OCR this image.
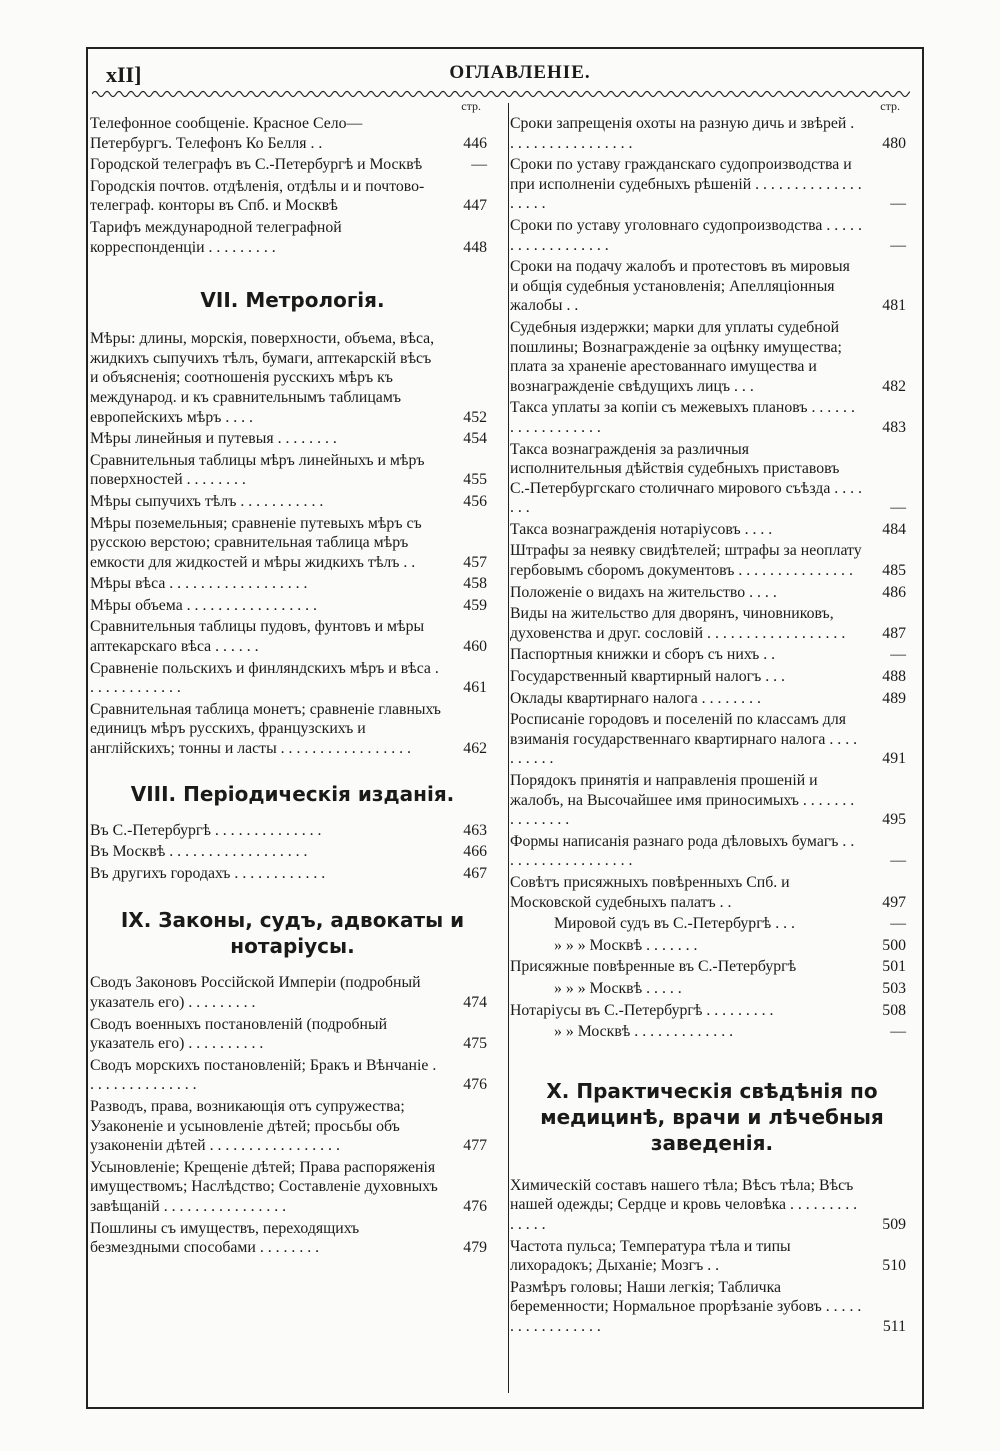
xII]	ОГЛАВЛЕНІЕ.
стр.
Телефонное сообщеніе. Красное Село—Петербургъ. Телефонъ Ко Белля . .	446
Городской телеграфъ въ С.-Петербургѣ и Москвѣ	—
Городскія почтов. отдѣленія, отдѣлы и и почтово-телеграф. конторы въ Спб. и Москвѣ	447
Тарифъ международной телеграфной корреспонденціи . . . . . . . . .	448
VII. Метрологія.
Мѣры: длины, морскія, поверхности, объема, вѣса, жидкихъ сыпучихъ тѣлъ, бумаги, аптекарскій вѣсъ и объясненія; соотношенія русскихъ мѣръ къ международ. и къ сравнительнымъ таблицамъ европейскихъ мѣръ . . . .	452
Мѣры линейныя и путевыя . . . . . . . .	454
Сравнительныя таблицы мѣръ линейныхъ и мѣръ поверхностей . . . . . . . .	455
Мѣры сыпучихъ тѣлъ . . . . . . . . . . .	456
Мѣры поземельныя; сравненіе путевыхъ мѣръ съ русскою верстою; сравнительная таблица мѣръ емкости для жидкостей и мѣры жидкихъ тѣлъ . .	457
Мѣры вѣса . . . . . . . . . . . . . . . . . .	458
Мѣры объема . . . . . . . . . . . . . . . . .	459
Сравнительныя таблицы пудовъ, фунтовъ и мѣры аптекарскаго вѣса . . . . . .	460
Сравненіе польскихъ и финляндскихъ мѣръ и вѣса . . . . . . . . . . . . .	461
Сравнительная таблица монетъ; сравненіе главныхъ единицъ мѣръ русскихъ, французскихъ и англійскихъ; тонны и ласты . . . . . . . . . . . . . . . . .	462
VIII. Періодическія изданія.
Въ С.-Петербургѣ . . . . . . . . . . . . . .	463
Въ Москвѣ . . . . . . . . . . . . . . . . . .	466
Въ другихъ городахъ . . . . . . . . . . . .	467
IX. Законы, судъ, адвокаты и нотаріусы.
Сводъ Законовъ Россійской Имперіи (подробный указатель его) . . . . . . . . .	474
Сводъ военныхъ постановленій (подробный указатель его) . . . . . . . . . .	475
Сводъ морскихъ постановленій; Бракъ и Вѣнчаніе . . . . . . . . . . . . . . .	476
Разводъ, права, возникающія отъ супружества; Узаконеніе и усыновленіе дѣтей; просьбы объ узаконеніи дѣтей . . . . . . . . . . . . . . . . .	477
Усыновленіе; Крещеніе дѣтей; Права распоряженія имуществомъ; Наслѣдство; Составленіе духовныхъ завѣщаній . . . . . . . . . . . . . . . .	476
Пошлины съ имуществъ, переходящихъ безмездными способами . . . . . . . .	479
стр.
Сроки запрещенія охоты на разную дичь и звѣрей . . . . . . . . . . . . . . . . .	480
Сроки по уставу гражданскаго судопроизводства и при исполненіи судебныхъ рѣшеній . . . . . . . . . . . . . . . . . . .	—
Сроки по уставу уголовнаго судопроизводства . . . . . . . . . . . . . . . . . .	—
Сроки на подачу жалобъ и протестовъ въ мировыя и общія судебныя установленія; Апелляціонныя жалобы . .	481
Судебныя издержки; марки для уплаты судебной пошлины; Вознагражденіе за оцѣнку имущества; плата за храненіе арестованнаго имущества и вознагражденіе свѣдущихъ лицъ . . .	482
Такса уплаты за копіи съ межевыхъ плановъ . . . . . . . . . . . . . . . . . .	483
Такса вознагражденія за различныя исполнительныя дѣйствія судебныхъ приставовъ С.-Петербургскаго столичнаго мирового съѣзда . . . . . . .	—
Такса вознагражденія нотаріусовъ . . . .	484
Штрафы за неявку свидѣтелей; штрафы за неоплату гербовымъ сборомъ документовъ . . . . . . . . . . . . . . .	485
Положеніе о видахъ на жительство . . . .	486
Виды на жительство для дворянъ, чиновниковъ, духовенства и друг. сословій . . . . . . . . . . . . . . . . . .	487
Паспортныя книжки и сборъ съ нихъ . .	—
Государственный квартирный налогъ . . .	488
Оклады квартирнаго налога . . . . . . . .	489
Росписаніе городовъ и поселеній по классамъ для взиманія государственнаго квартирнаго налога . . . . . . . . . .	491
Порядокъ принятія и направленія прошеній и жалобъ, на Высочайшее имя приносимыхъ . . . . . . . . . . . . . . .	495
Формы написанія разнаго рода дѣловыхъ бумагъ . . . . . . . . . . . . . . . . . .	—
Совѣтъ присяжныхъ повѣренныхъ Спб. и Московской судебныхъ палатъ . .	497
Мировой судъ въ С.-Петербургѣ . . .	—
» » » Москвѣ . . . . . . .	500
Присяжные повѣренные въ С.-Петербургѣ	501
» » » Москвѣ . . . . .	503
Нотаріусы въ С.-Петербургѣ . . . . . . . . .	508
» » Москвѣ . . . . . . . . . . . . .	—
X. Практическія свѣдѣнія по медицинѣ, врачи и лѣчебныя заведенія.
Химическій составъ нашего тѣла; Вѣсъ тѣла; Вѣсъ нашей одежды; Сердце и кровь человѣка . . . . . . . . . . . . . .	509
Частота пульса; Температура тѣла и типы лихорадокъ; Дыханіе; Мозгъ . .	510
Размѣръ головы; Наши легкія; Табличка беременности; Нормальное прорѣзаніе зубовъ . . . . . . . . . . . . . . . . .	511
